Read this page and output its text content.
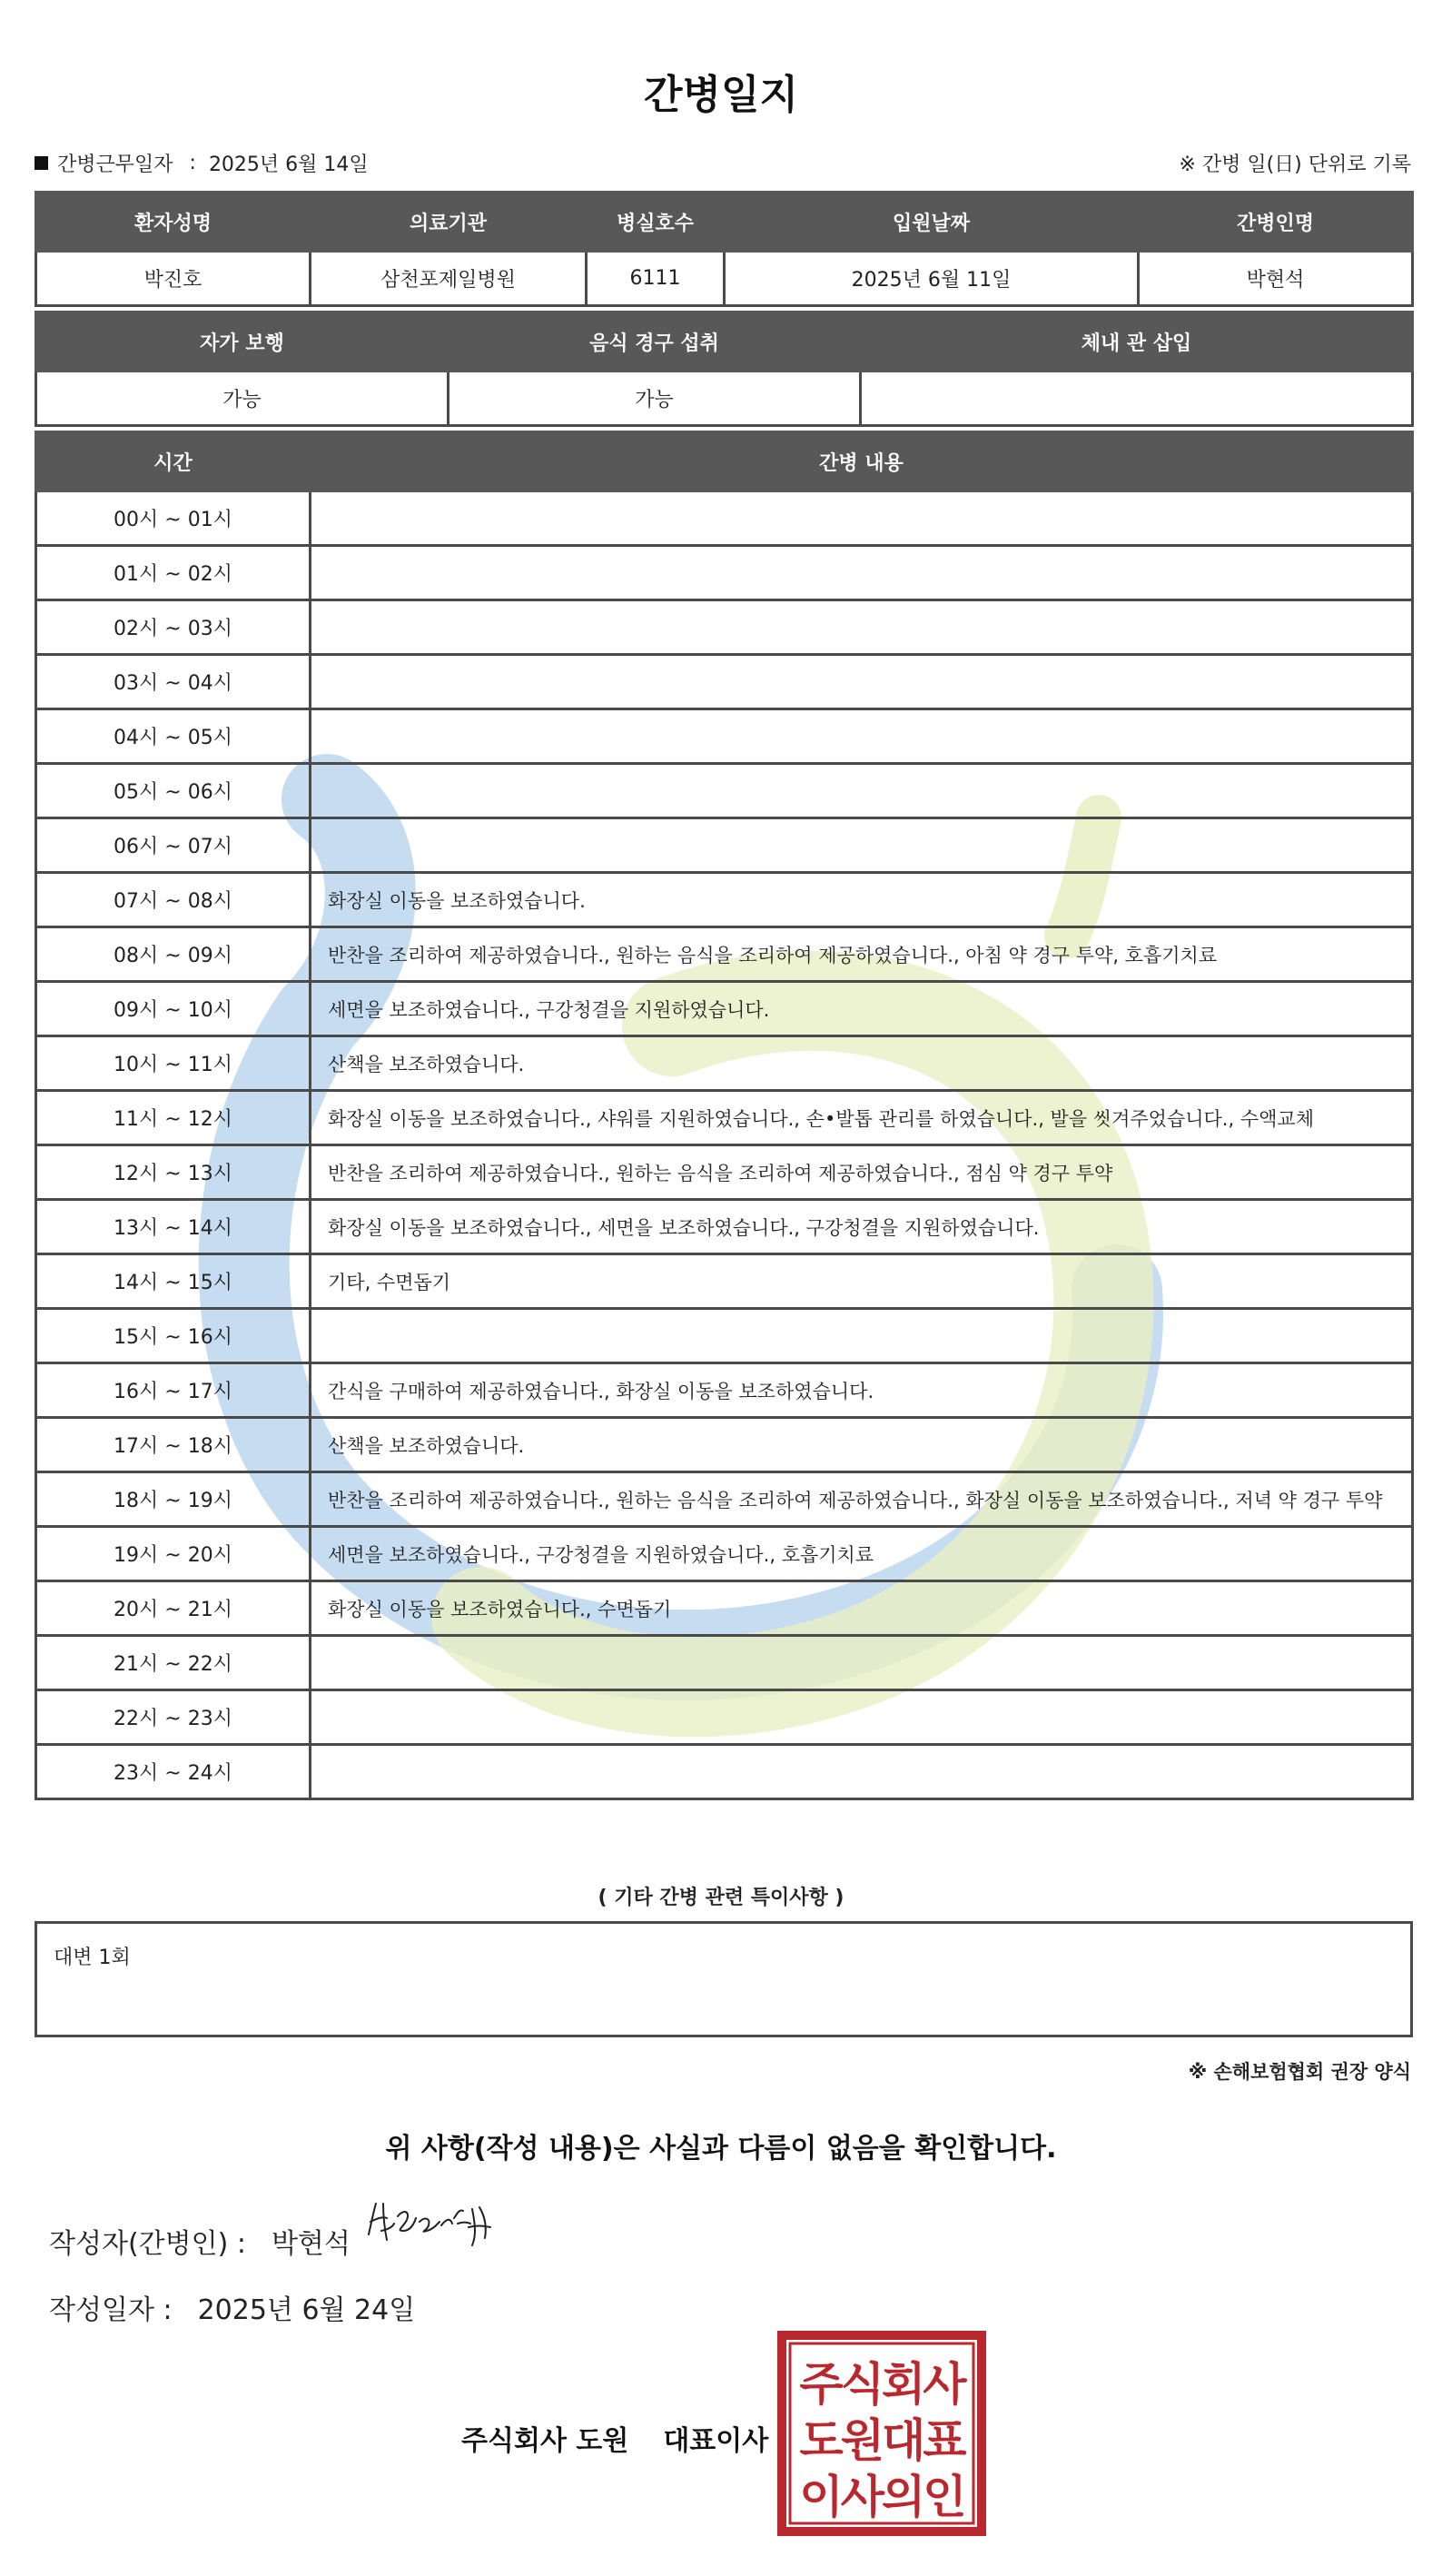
간병일지
간병근무일자 : 2025년 6월 14일	※ 간병 일(日) 단위로 기록
환자성명	의료기관	병실호수	입원날짜	간병인명
박진호	삼천포제일병원	6111	2025년 6월 11일	박현석
자가 보행	음식 경구 섭취	체내 관 삽입
가능	가능	
시간	간병 내용
00시 ~ 01시	
01시 ~ 02시	
02시 ~ 03시	
03시 ~ 04시	
04시 ~ 05시	
05시 ~ 06시	
06시 ~ 07시	
07시 ~ 08시	화장실 이동을 보조하였습니다.
08시 ~ 09시	반찬을 조리하여 제공하였습니다., 원하는 음식을 조리하여 제공하였습니다., 아침 약 경구 투약, 호흡기치료
09시 ~ 10시	세면을 보조하였습니다., 구강청결을 지원하였습니다.
10시 ~ 11시	산책을 보조하였습니다.
11시 ~ 12시	화장실 이동을 보조하였습니다., 샤워를 지원하였습니다., 손•발톱 관리를 하였습니다., 발을 씻겨주었습니다., 수액교체
12시 ~ 13시	반찬을 조리하여 제공하였습니다., 원하는 음식을 조리하여 제공하였습니다., 점심 약 경구 투약
13시 ~ 14시	화장실 이동을 보조하였습니다., 세면을 보조하였습니다., 구강청결을 지원하였습니다.
14시 ~ 15시	기타, 수면돕기
15시 ~ 16시	
16시 ~ 17시	간식을 구매하여 제공하였습니다., 화장실 이동을 보조하였습니다.
17시 ~ 18시	산책을 보조하였습니다.
18시 ~ 19시	반찬을 조리하여 제공하였습니다., 원하는 음식을 조리하여 제공하였습니다., 화장실 이동을 보조하였습니다., 저녁 약 경구 투약
19시 ~ 20시	세면을 보조하였습니다., 구강청결을 지원하였습니다., 호흡기치료
20시 ~ 21시	화장실 이동을 보조하였습니다., 수면돕기
21시 ~ 22시	
22시 ~ 23시	
23시 ~ 24시	
( 기타 간병 관련 특이사항 )
대변 1회
※ 손해보험협회 권장 양식
위 사항(작성 내용)은 사실과 다름이 없음을 확인합니다.
작성자(간병인) : 박현석
작성일자 : 2025년 6월 24일
주식회사 도원 대표이사
주식회사
도원대표
이사의인
